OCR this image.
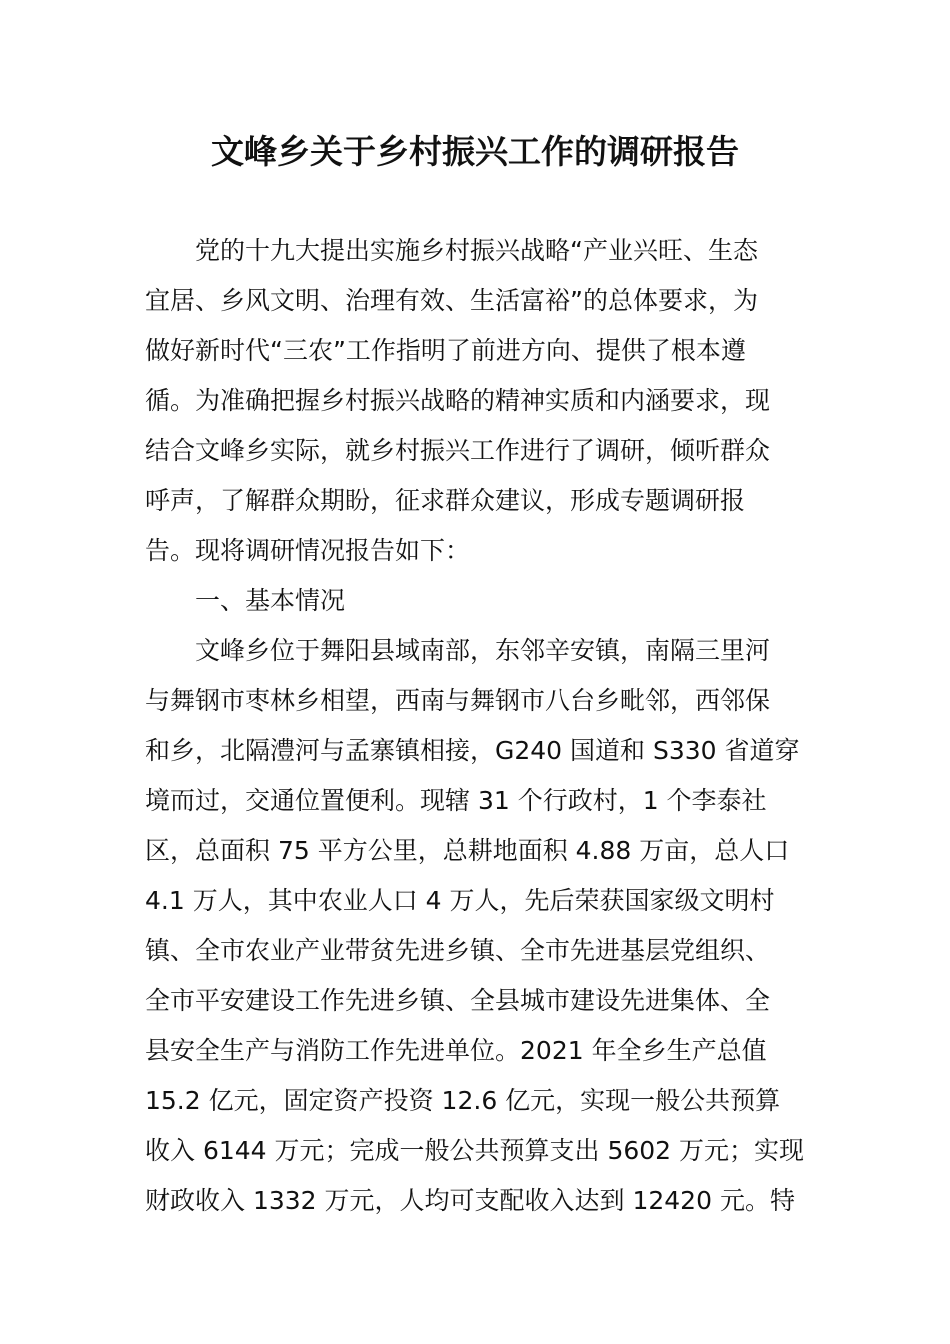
文峰乡关于乡村振兴工作的调研报告
党的十九大提出实施乡村振兴战略“产业兴旺、生态
宜居、乡风文明、治理有效、生活富裕”的总体要求，为
做好新时代“三农”工作指明了前进方向、提供了根本遵
循。为准确把握乡村振兴战略的精神实质和内涵要求，现
结合文峰乡实际，就乡村振兴工作进行了调研，倾听群众
呼声，了解群众期盼，征求群众建议，形成专题调研报
告。现将调研情况报告如下：
一、基本情况
文峰乡位于舞阳县域南部，东邻辛安镇，南隔三里河
与舞钢市枣林乡相望，西南与舞钢市八台乡毗邻，西邻保
和乡，北隔澧河与孟寨镇相接，G240 国道和 S330 省道穿
境而过，交通位置便利。现辖 31 个行政村，1 个李泰社
区，总面积 75 平方公里，总耕地面积 4.88 万亩，总人口
4.1 万人，其中农业人口 4 万人，先后荣获国家级文明村
镇、全市农业产业带贫先进乡镇、全市先进基层党组织、
全市平安建设工作先进乡镇、全县城市建设先进集体、全
县安全生产与消防工作先进单位。2021 年全乡生产总值
15.2 亿元，固定资产投资 12.6 亿元，实现一般公共预算
收入 6144 万元；完成一般公共预算支出 5602 万元；实现
财政收入 1332 万元，人均可支配收入达到 12420 元。特
